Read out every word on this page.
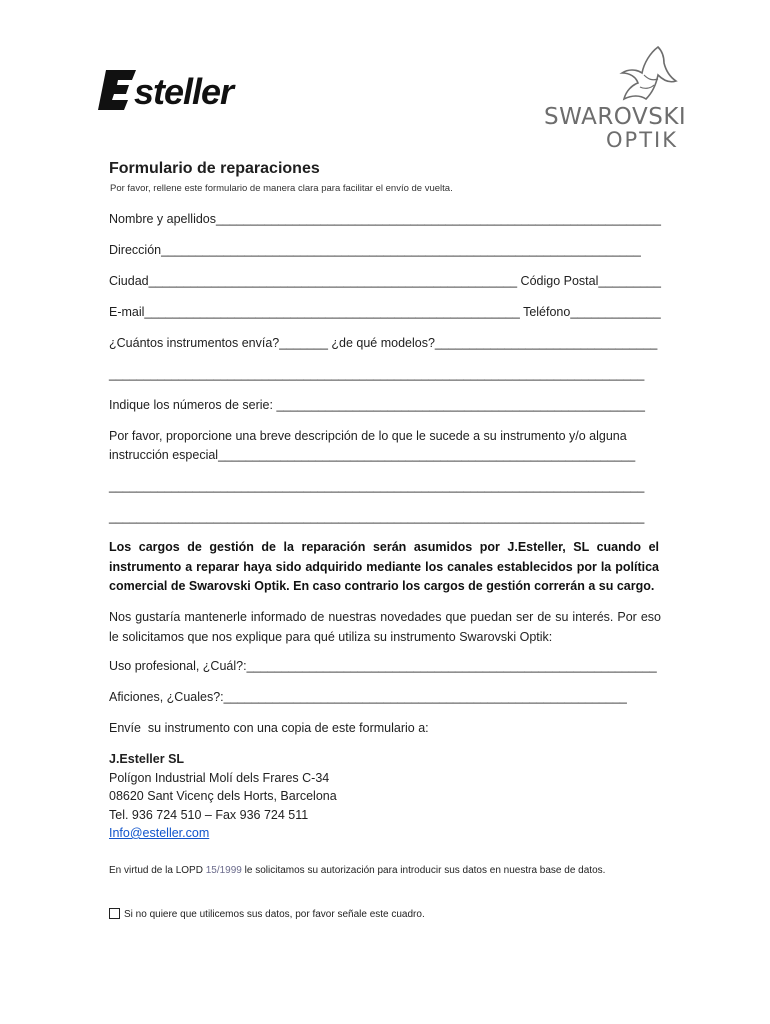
steller
SWAROVSKI
OPTIK
Formulario de reparaciones
Por favor, rellene este formulario de manera clara para facilitar el envío de vuelta.
Nombre y apellidos________________________________________________________________
Dirección_____________________________________________________________________
Ciudad_____________________________________________________ Código Postal_________
E-mail______________________________________________________ Teléfono_____________
¿Cuántos instrumentos envía?_______ ¿de qué modelos?________________________________
_____________________________________________________________________________
Indique los números de serie: _____________________________________________________
Por favor, proporcione una breve descripción de lo que le sucede a su instrumento y/o alguna
instrucción especial____________________________________________________________
_____________________________________________________________________________
_____________________________________________________________________________
Los cargos de gestión de la reparación serán asumidos por J.Esteller, SL cuando el instrumento a reparar haya sido adquirido mediante los canales establecidos por la política comercial de Swarovski Optik. En caso contrario los cargos de gestión correrán a su cargo.
Nos gustaría mantenerle informado de nuestras novedades que puedan ser de su interés. Por eso le solicitamos que nos explique para qué utiliza su instrumento Swarovski Optik:
Uso profesional, ¿Cuál?:___________________________________________________________
Aficiones, ¿Cuales?:__________________________________________________________
Envíe  su instrumento con una copia de este formulario a:
J.Esteller SL
Polígon Industrial Molí dels Frares C-34
08620 Sant Vicenç dels Horts, Barcelona
Tel. 936 724 510 – Fax 936 724 511
Info@esteller.com
En virtud de la LOPD 15/1999 le solicitamos su autorización para introducir sus datos en nuestra base de datos.
Si no quiere que utilicemos sus datos, por favor señale este cuadro.
